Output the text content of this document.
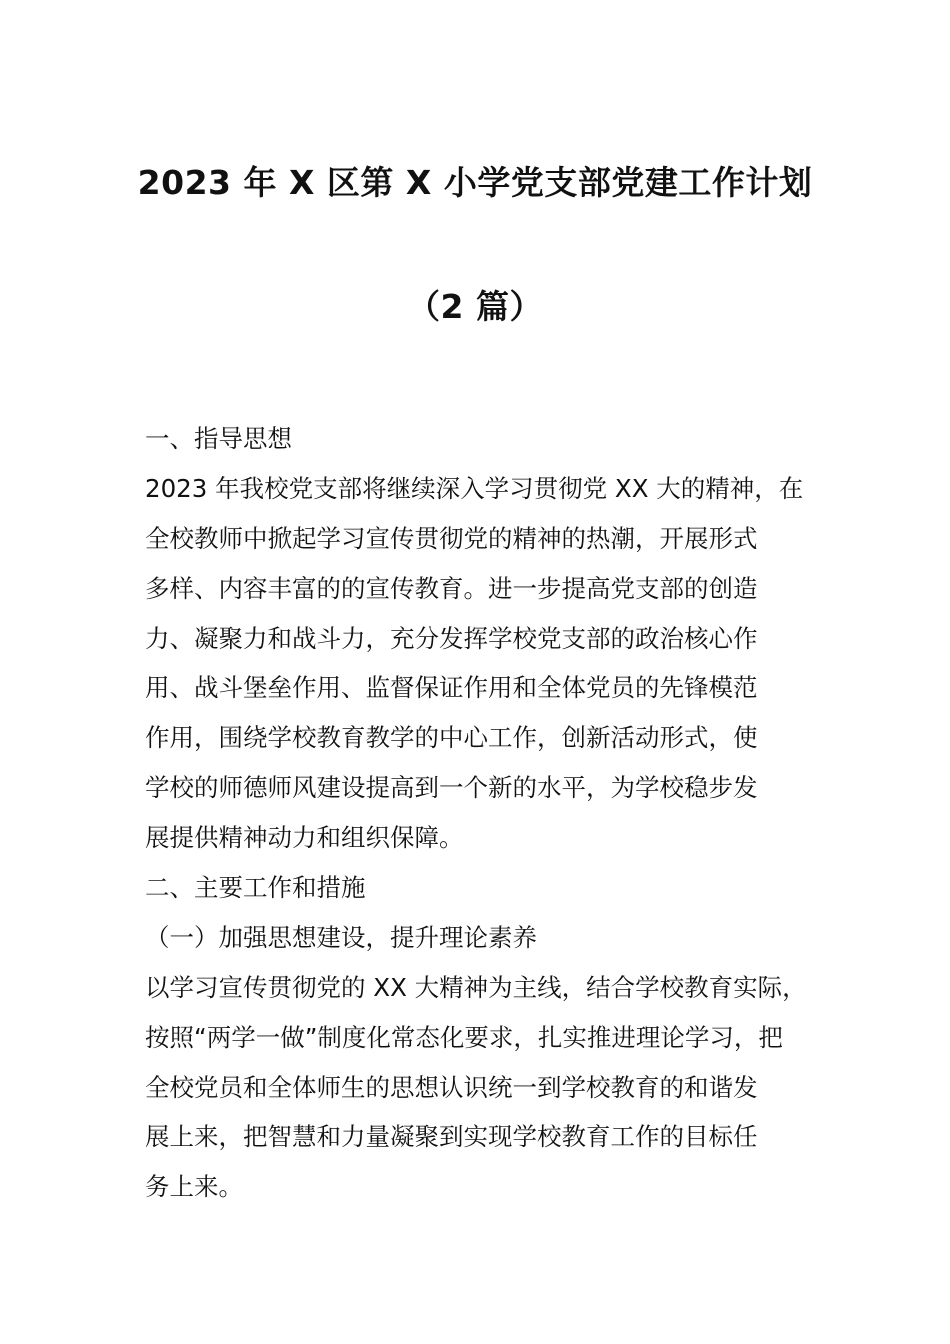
2023 年 X 区第 X 小学党支部党建工作计划
（2 篇）
一、指导思想
2023 年我校党支部将继续深入学习贯彻党 XX 大的精神，在
全校教师中掀起学习宣传贯彻党的精神的热潮，开展形式
多样、内容丰富的的宣传教育。进一步提高党支部的创造
力、凝聚力和战斗力，充分发挥学校党支部的政治核心作
用、战斗堡垒作用、监督保证作用和全体党员的先锋模范
作用，围绕学校教育教学的中心工作，创新活动形式，使
学校的师德师风建设提高到一个新的水平，为学校稳步发
展提供精神动力和组织保障。
二、主要工作和措施
（一）加强思想建设，提升理论素养
以学习宣传贯彻党的 XX 大精神为主线，结合学校教育实际，
按照“两学一做”制度化常态化要求，扎实推进理论学习，把
全校党员和全体师生的思想认识统一到学校教育的和谐发
展上来，把智慧和力量凝聚到实现学校教育工作的目标任
务上来。
